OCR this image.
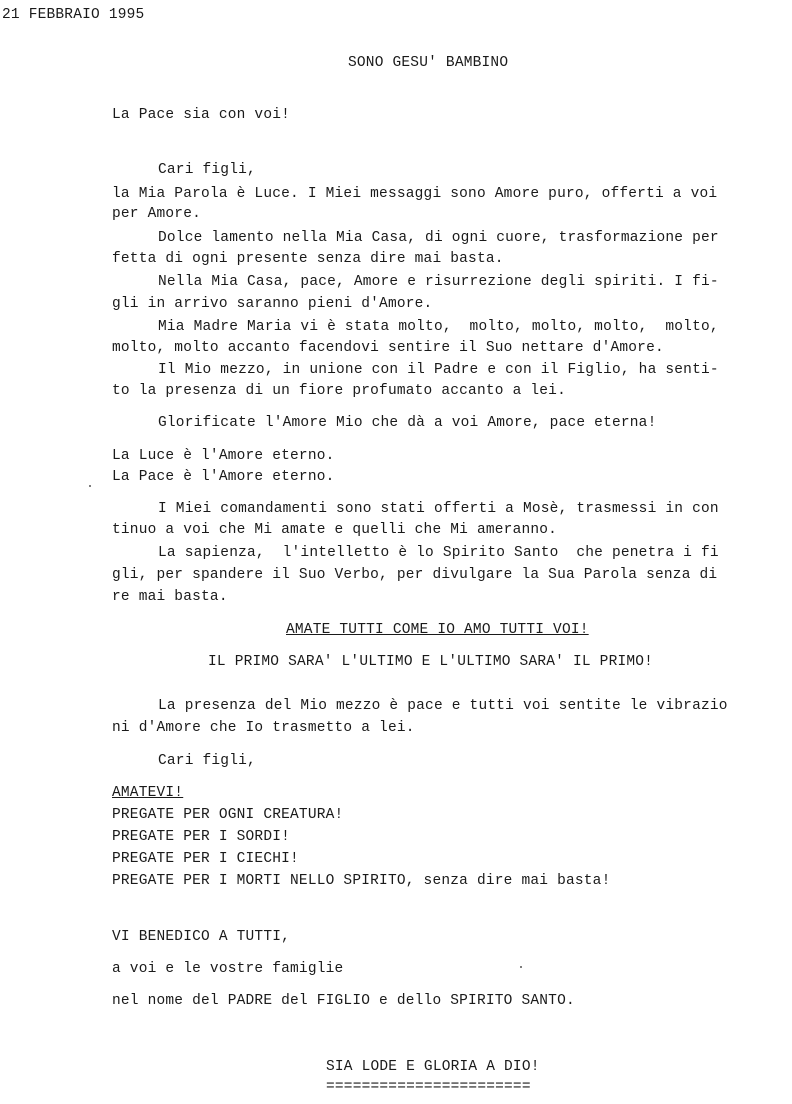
21 FEBBRAIO 1995
SONO GESU' BAMBINO
La Pace sia con voi!
Cari figli,
la Mia Parola è Luce. I Miei messaggi sono Amore puro, offerti a voi
per Amore.
Dolce lamento nella Mia Casa, di ogni cuore, trasformazione per
fetta di ogni presente senza dire mai basta.
Nella Mia Casa, pace, Amore e risurrezione degli spiriti. I fi-
gli in arrivo saranno pieni d'Amore.
Mia Madre Maria vi è stata molto,  molto, molto, molto,  molto,
molto, molto accanto facendovi sentire il Suo nettare d'Amore.
Il Mio mezzo, in unione con il Padre e con il Figlio, ha senti-
to la presenza di un fiore profumato accanto a lei.
Glorificate l'Amore Mio che dà a voi Amore, pace eterna!
La Luce è l'Amore eterno.
La Pace è l'Amore eterno.
I Miei comandamenti sono stati offerti a Mosè, trasmessi in con
tinuo a voi che Mi amate e quelli che Mi ameranno.
La sapienza,  l'intelletto è lo Spirito Santo  che penetra i fi
gli, per spandere il Suo Verbo, per divulgare la Sua Parola senza di
re mai basta.
AMATE TUTTI COME IO AMO TUTTI VOI!
IL PRIMO SARA' L'ULTIMO E L'ULTIMO SARA' IL PRIMO!
La presenza del Mio mezzo è pace e tutti voi sentite le vibrazio
ni d'Amore che Io trasmetto a lei.
Cari figli,
AMATEVI!
PREGATE PER OGNI CREATURA!
PREGATE PER I SORDI!
PREGATE PER I CIECHI!
PREGATE PER I MORTI NELLO SPIRITO, senza dire mai basta!
VI BENEDICO A TUTTI,
a voi e le vostre famiglie
nel nome del PADRE del FIGLIO e dello SPIRITO SANTO.
SIA LODE E GLORIA A DIO!
=======================
